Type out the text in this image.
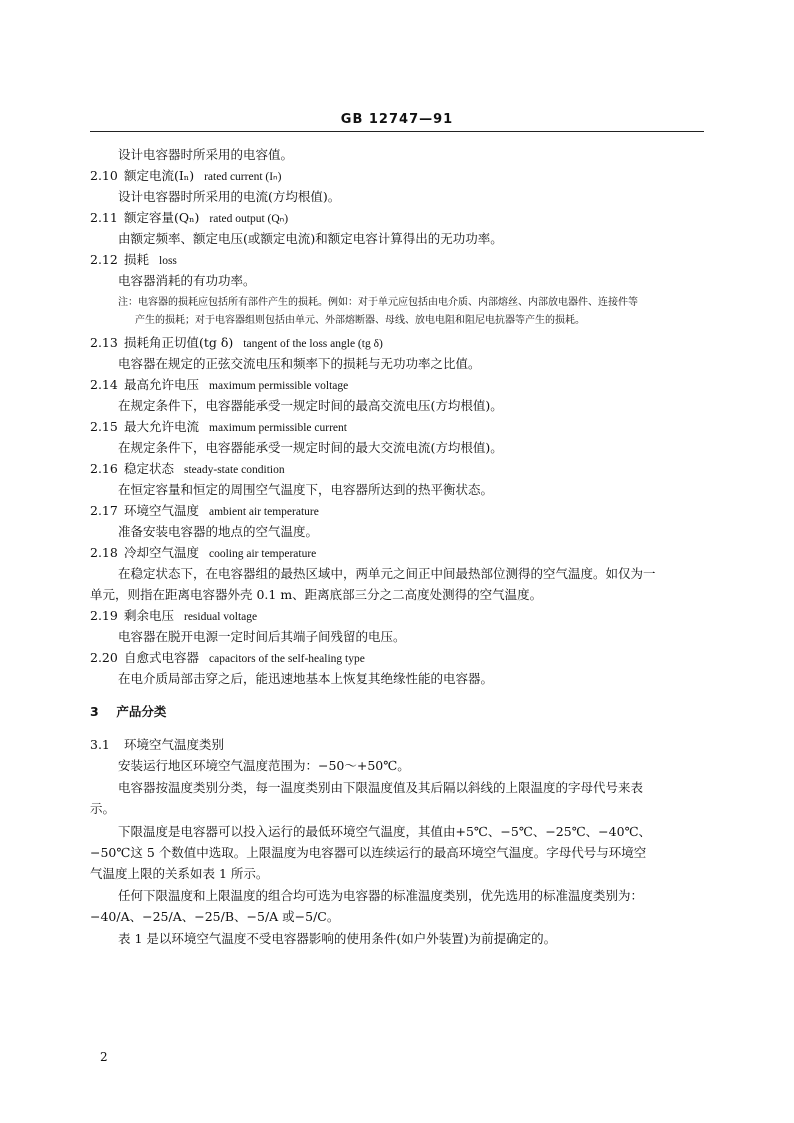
GB 12747—91
设计电容器时所采用的电容值。
2.10 额定电流(Iₙ) rated current (Iₙ)
设计电容器时所采用的电流(方均根值)。
2.11 额定容量(Qₙ) rated output (Qₙ)
由额定频率、额定电压(或额定电流)和额定电容计算得出的无功功率。
2.12 损耗 loss
电容器消耗的有功功率。
注：电容器的损耗应包括所有部件产生的损耗。例如：对于单元应包括由电介质、内部熔丝、内部放电器件、连接件等
产生的损耗；对于电容器组则包括由单元、外部熔断器、母线、放电电阻和阻尼电抗器等产生的损耗。
2.13 损耗角正切值(tg δ) tangent of the loss angle (tg δ)
电容器在规定的正弦交流电压和频率下的损耗与无功功率之比值。
2.14 最高允许电压 maximum permissible voltage
在规定条件下，电容器能承受一规定时间的最高交流电压(方均根值)。
2.15 最大允许电流 maximum permissible current
在规定条件下，电容器能承受一规定时间的最大交流电流(方均根值)。
2.16 稳定状态 steady-state condition
在恒定容量和恒定的周围空气温度下，电容器所达到的热平衡状态。
2.17 环境空气温度 ambient air temperature
准备安装电容器的地点的空气温度。
2.18 冷却空气温度 cooling air temperature
在稳定状态下，在电容器组的最热区域中，两单元之间正中间最热部位测得的空气温度。如仅为一
单元，则指在距离电容器外壳 0.1 m、距离底部三分之二高度处测得的空气温度。
2.19 剩余电压 residual voltage
电容器在脱开电源一定时间后其端子间残留的电压。
2.20 自愈式电容器 capacitors of the self-healing type
在电介质局部击穿之后，能迅速地基本上恢复其绝缘性能的电容器。
3 产品分类
3.1 环境空气温度类别
安装运行地区环境空气温度范围为：−50～+50℃。
电容器按温度类别分类，每一温度类别由下限温度值及其后隔以斜线的上限温度的字母代号来表
示。
下限温度是电容器可以投入运行的最低环境空气温度，其值由+5℃、−5℃、−25℃、−40℃、
−50℃这 5 个数值中选取。上限温度为电容器可以连续运行的最高环境空气温度。字母代号与环境空
气温度上限的关系如表 1 所示。
任何下限温度和上限温度的组合均可选为电容器的标准温度类别，优先选用的标准温度类别为：
−40/A、−25/A、−25/B、−5/A 或−5/C。
表 1 是以环境空气温度不受电容器影响的使用条件(如户外装置)为前提确定的。
2
